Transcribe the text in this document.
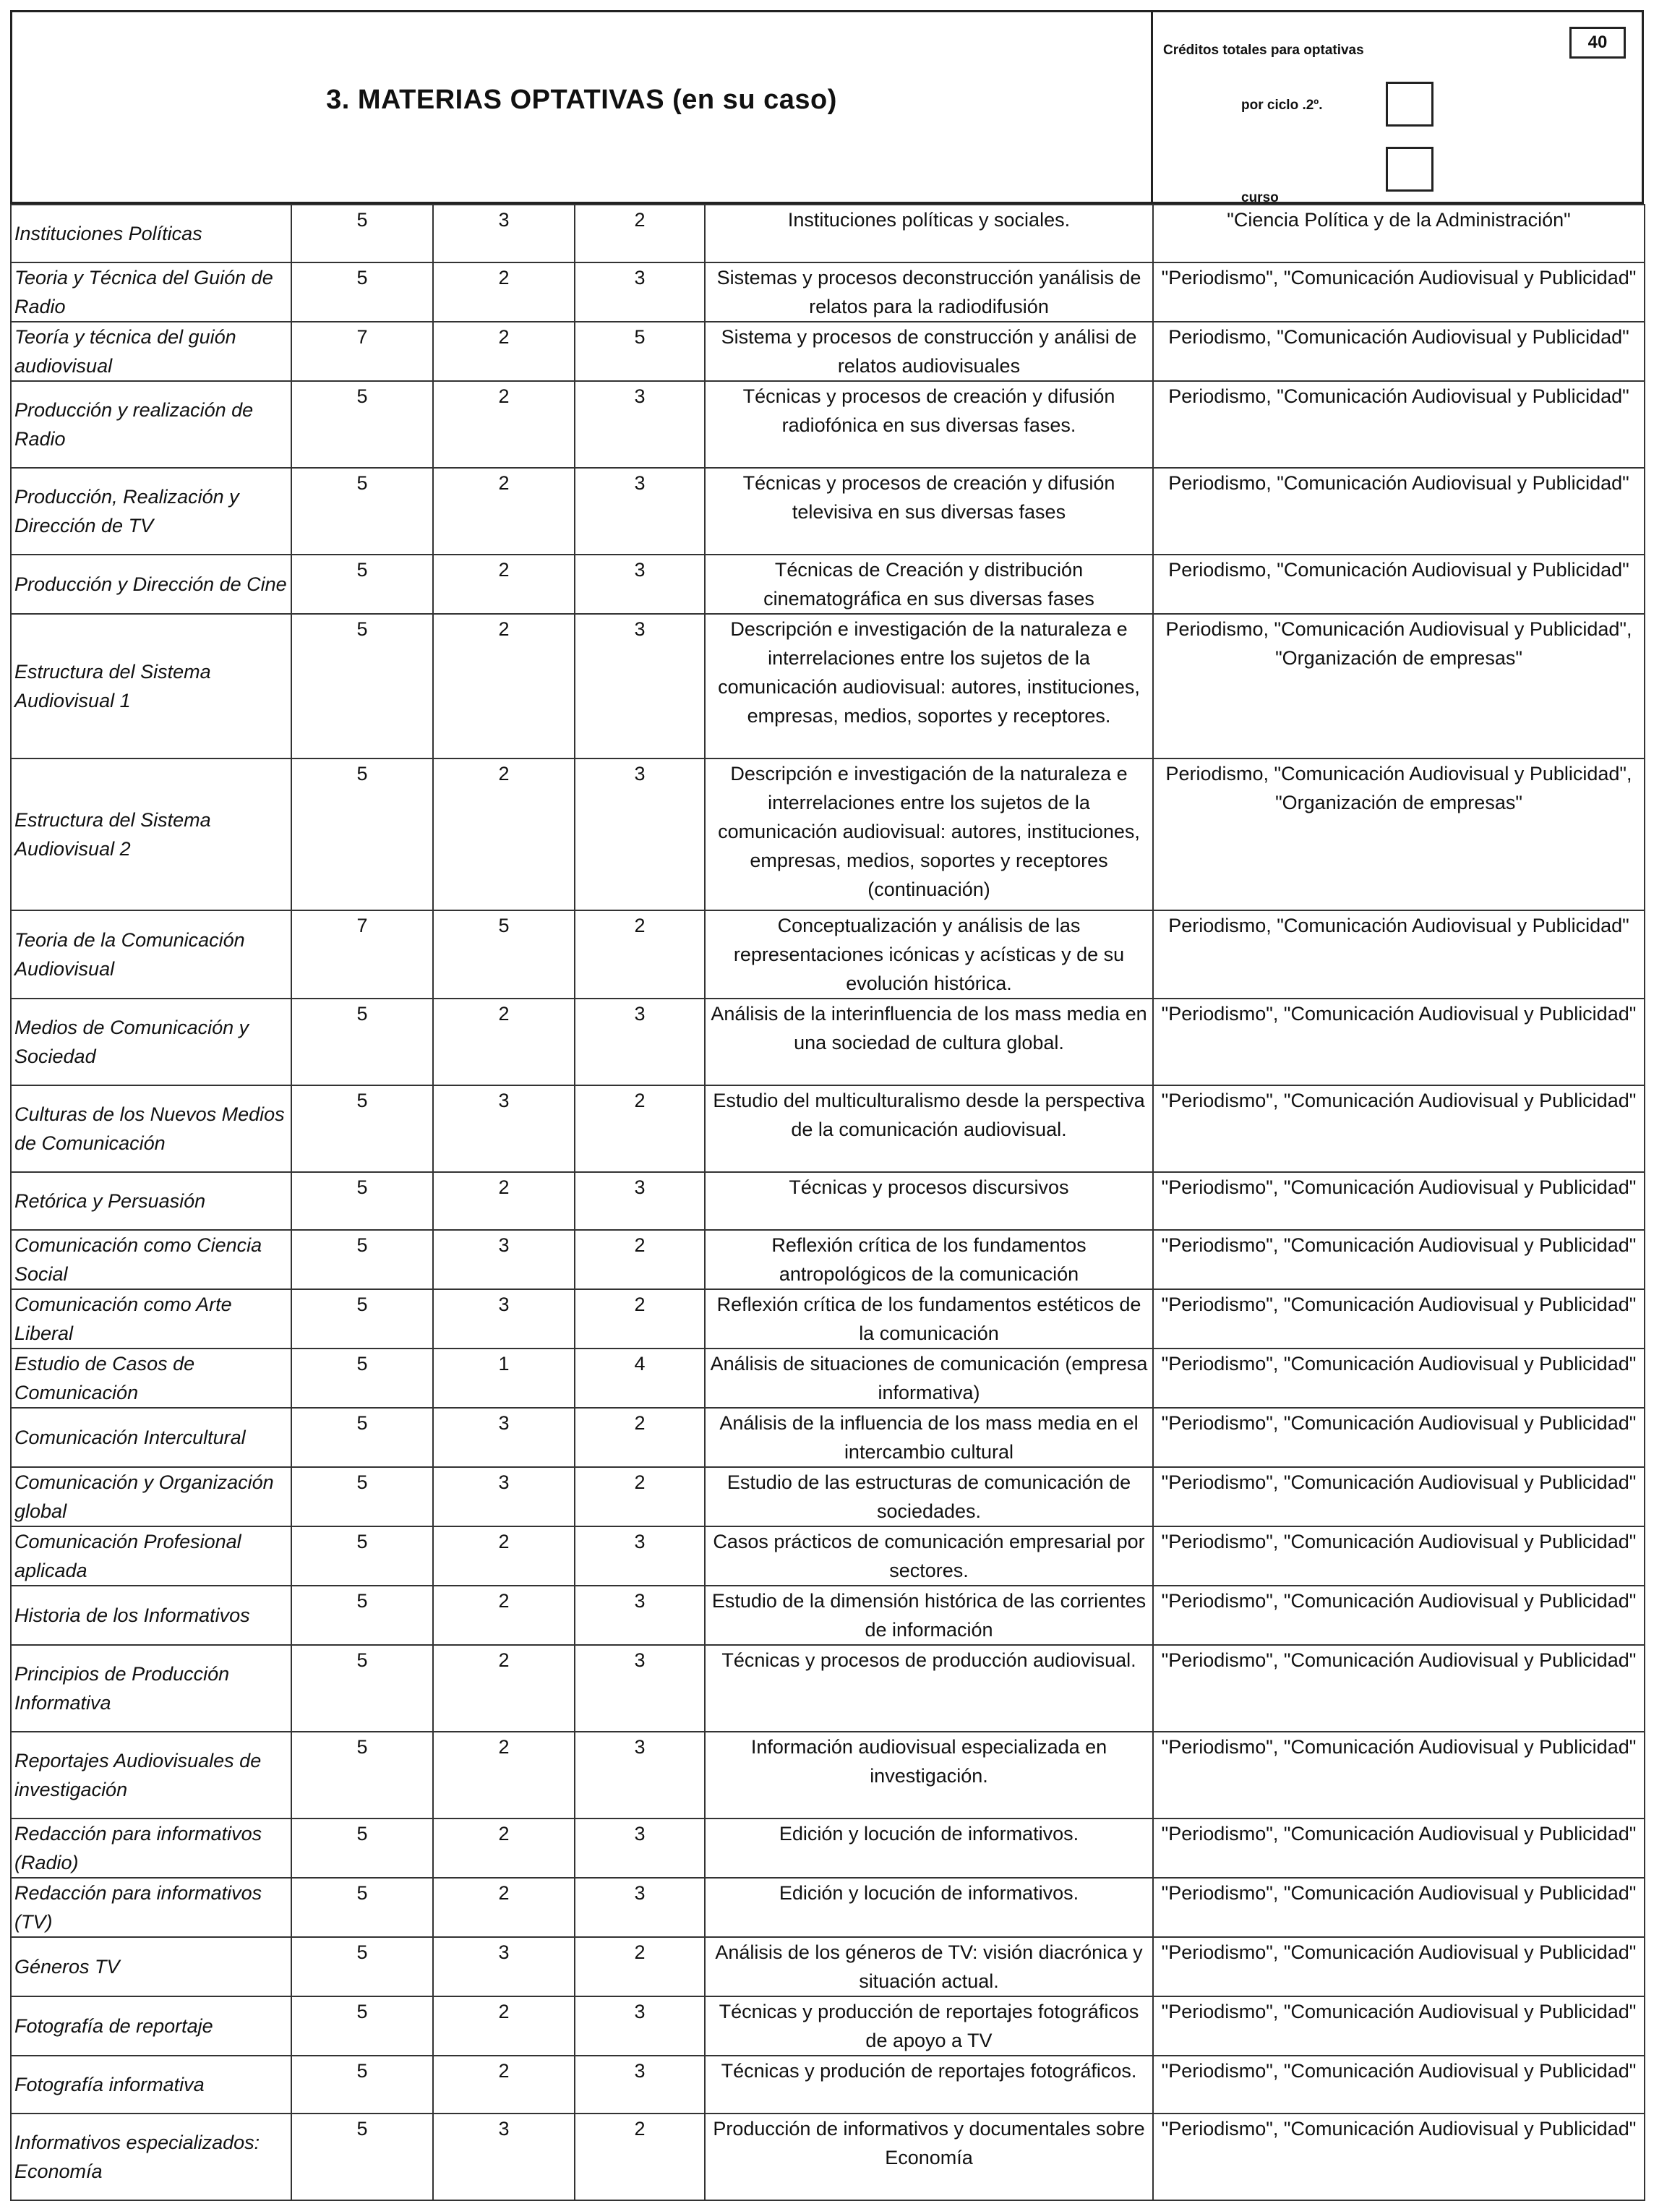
3. MATERIAS OPTATIVAS (en su caso)
Créditos totales para optativas	40
por ciclo .2º.
curso
Instituciones Políticas	5	3	2	Instituciones políticas y sociales.	"Ciencia Política y de la Administración"
Teoria y Técnica del Guión de Radio	5	2	3	Sistemas y procesos deconstrucción yanálisis de relatos para la radiodifusión	"Periodismo", "Comunicación Audiovisual y Publicidad"
Teoría y técnica del guión audiovisual	7	2	5	Sistema y procesos de construcción y análisi de relatos audiovisuales	Periodismo, "Comunicación Audiovisual y Publicidad"
Producción y realización de Radio	5	2	3	Técnicas y procesos de creación y difusión radiofónica en sus diversas fases.	Periodismo, "Comunicación Audiovisual y Publicidad"
Producción, Realización y Dirección de TV	5	2	3	Técnicas y procesos de creación y difusión televisiva en sus diversas fases	Periodismo, "Comunicación Audiovisual y Publicidad"
Producción y Dirección de Cine	5	2	3	Técnicas de Creación y distribución cinematográfica en sus diversas fases	Periodismo, "Comunicación Audiovisual y Publicidad"
Estructura del Sistema Audiovisual 1	5	2	3	Descripción e investigación de la naturaleza e interrelaciones entre los sujetos de la comunicación audiovisual: autores, instituciones, empresas, medios, soportes y receptores.	Periodismo, "Comunicación Audiovisual y Publicidad", "Organización de empresas"
Estructura del Sistema Audiovisual 2	5	2	3	Descripción e investigación de la naturaleza e interrelaciones entre los sujetos de la comunicación audiovisual: autores, instituciones, empresas, medios, soportes y receptores (continuación)	Periodismo, "Comunicación Audiovisual y Publicidad", "Organización de empresas"
Teoria de la Comunicación Audiovisual	7	5	2	Conceptualización y análisis de las representaciones icónicas y acísticas y de su evolución histórica.	Periodismo, "Comunicación Audiovisual y Publicidad"
Medios de Comunicación y Sociedad	5	2	3	Análisis de la interinfluencia de los mass media en una sociedad de cultura global.	"Periodismo", "Comunicación Audiovisual y Publicidad"
Culturas de los Nuevos Medios de Comunicación	5	3	2	Estudio del multiculturalismo desde la perspectiva de la comunicación audiovisual.	"Periodismo", "Comunicación Audiovisual y Publicidad"
Retórica y Persuasión	5	2	3	Técnicas y procesos discursivos	"Periodismo", "Comunicación Audiovisual y Publicidad"
Comunicación como Ciencia Social	5	3	2	Reflexión crítica de los fundamentos antropológicos de la comunicación	"Periodismo", "Comunicación Audiovisual y Publicidad"
Comunicación como Arte Liberal	5	3	2	Reflexión crítica de los fundamentos estéticos de la comunicación	"Periodismo", "Comunicación Audiovisual y Publicidad"
Estudio de Casos de Comunicación	5	1	4	Análisis de situaciones de comunicación (empresa informativa)	"Periodismo", "Comunicación Audiovisual y Publicidad"
Comunicación Intercultural	5	3	2	Análisis de la influencia de los mass media en el intercambio cultural	"Periodismo", "Comunicación Audiovisual y Publicidad"
Comunicación y Organización global	5	3	2	Estudio de las estructuras de comunicación de sociedades.	"Periodismo", "Comunicación Audiovisual y Publicidad"
Comunicación Profesional aplicada	5	2	3	Casos prácticos de comunicación empresarial por sectores.	"Periodismo", "Comunicación Audiovisual y Publicidad"
Historia de los Informativos	5	2	3	Estudio de la dimensión histórica de las corrientes de información	"Periodismo", "Comunicación Audiovisual y Publicidad"
Principios de Producción Informativa	5	2	3	Técnicas y procesos de producción audiovisual.	"Periodismo", "Comunicación Audiovisual y Publicidad"
Reportajes Audiovisuales de investigación	5	2	3	Información audiovisual especializada en investigación.	"Periodismo", "Comunicación Audiovisual y Publicidad"
Redacción para informativos (Radio)	5	2	3	Edición y locución de informativos.	"Periodismo", "Comunicación Audiovisual y Publicidad"
Redacción para informativos (TV)	5	2	3	Edición y locución de informativos.	"Periodismo", "Comunicación Audiovisual y Publicidad"
Géneros TV	5	3	2	Análisis de los géneros de TV: visión diacrónica y situación actual.	"Periodismo", "Comunicación Audiovisual y Publicidad"
Fotografía de reportaje	5	2	3	Técnicas y producción de reportajes fotográficos de apoyo a TV	"Periodismo", "Comunicación Audiovisual y Publicidad"
Fotografía informativa	5	2	3	Técnicas y produción de reportajes fotográficos.	"Periodismo", "Comunicación Audiovisual y Publicidad"
Informativos especializados: Economía	5	3	2	Producción de informativos y documentales sobre Economía	"Periodismo", "Comunicación Audiovisual y Publicidad"
